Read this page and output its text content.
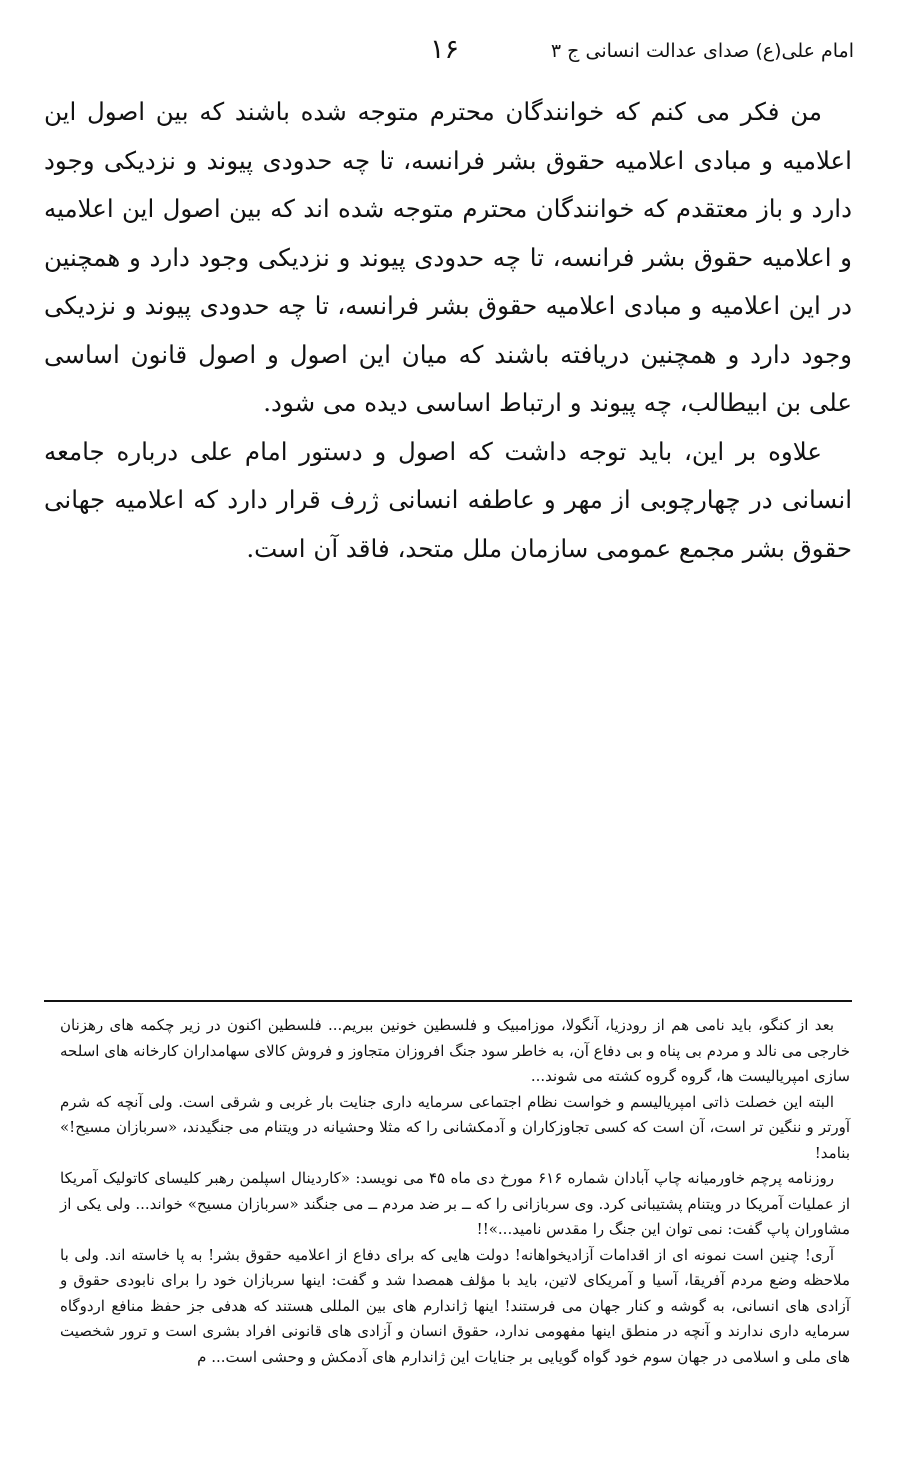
امام علی(ع) صدای عدالت انسانی ج ۳
۱۶

من فکر می کنم که خوانندگان محترم متوجه شده باشند که بین اصول این اعلامیه و مبادی اعلامیه حقوق بشر فرانسه، تا چه حدودی پیوند و نزدیکی وجود دارد و باز معتقدم که خوانندگان محترم متوجه شده اند که بین اصول این اعلامیه و اعلامیه حقوق بشر فرانسه، تا چه حدودی پیوند و نزدیکی وجود دارد و همچنین در این اعلامیه و مبادی اعلامیه حقوق بشر فرانسه، تا چه حدودی پیوند و نزدیکی وجود دارد و همچنین دریافته باشند که میان این اصول و اصول قانون اساسی علی بن ابیطالب، چه پیوند و ارتباط اساسی دیده می شود.

علاوه بر این، باید توجه داشت که اصول و دستور امام علی درباره جامعه انسانی در چهارچوبی از مهر و عاطفه انسانی ژرف قرار دارد که اعلامیه جهانی حقوق بشر مجمع عمومی سازمان ملل متحد، فاقد آن است.

بعد از کنگو، باید نامی هم از رودزیا، آنگولا، موزامبیک و فلسطین خونین ببریم... فلسطین اکنون در زیر چکمه های رهزنان خارجی می نالد و مردم بی پناه و بی دفاع آن، به خاطر سود جنگ افروزان متجاوز و فروش کالای سهامداران کارخانه های اسلحه سازی امپریالیست ها، گروه گروه کشته می شوند...

البته این خصلت ذاتی امپریالیسم و خواست نظام اجتماعی سرمایه داری جنایت بار غربی و شرقی است. ولی آنچه که شرم آورتر و ننگین تر است، آن است که کسی تجاوزکاران و آدمکشانی را که مثلا وحشیانه در ویتنام می جنگیدند، «سربازان مسیح!» بنامد!

روزنامه پرچم خاورمیانه چاپ آبادان شماره ۶۱۶ مورخ دی ماه ۴۵ می نویسد: «کاردینال اسپلمن رهبر کلیسای کاتولیک آمریکا از عملیات آمریکا در ویتنام پشتیبانی کرد. وی سربازانی را که ــ بر ضد مردم ــ می جنگند «سربازان مسیح» خواند... ولی یکی از مشاوران پاپ گفت: نمی توان این جنگ را مقدس نامید...»!!

آری! چنین است نمونه ای از اقدامات آزادیخواهانه! دولت هایی که برای دفاع از اعلامیه حقوق بشر! به پا خاسته اند. ولی با ملاحظه وضع مردم آفریقا، آسیا و آمریکای لاتین، باید با مؤلف همصدا شد و گفت: اینها سربازان خود را برای نابودی حقوق و آزادی های انسانی، به گوشه و کنار جهان می فرستند! اینها ژاندارم های بین المللی هستند که هدفی جز حفظ منافع اردوگاه سرمایه داری ندارند و آنچه در منطق اینها مفهومی ندارد، حقوق انسان و آزادی های قانونی افراد بشری است و ترور شخصیت های ملی و اسلامی در جهان سوم خود گواه گویایی بر جنایات این ژاندارم های آدمکش و وحشی است... م
